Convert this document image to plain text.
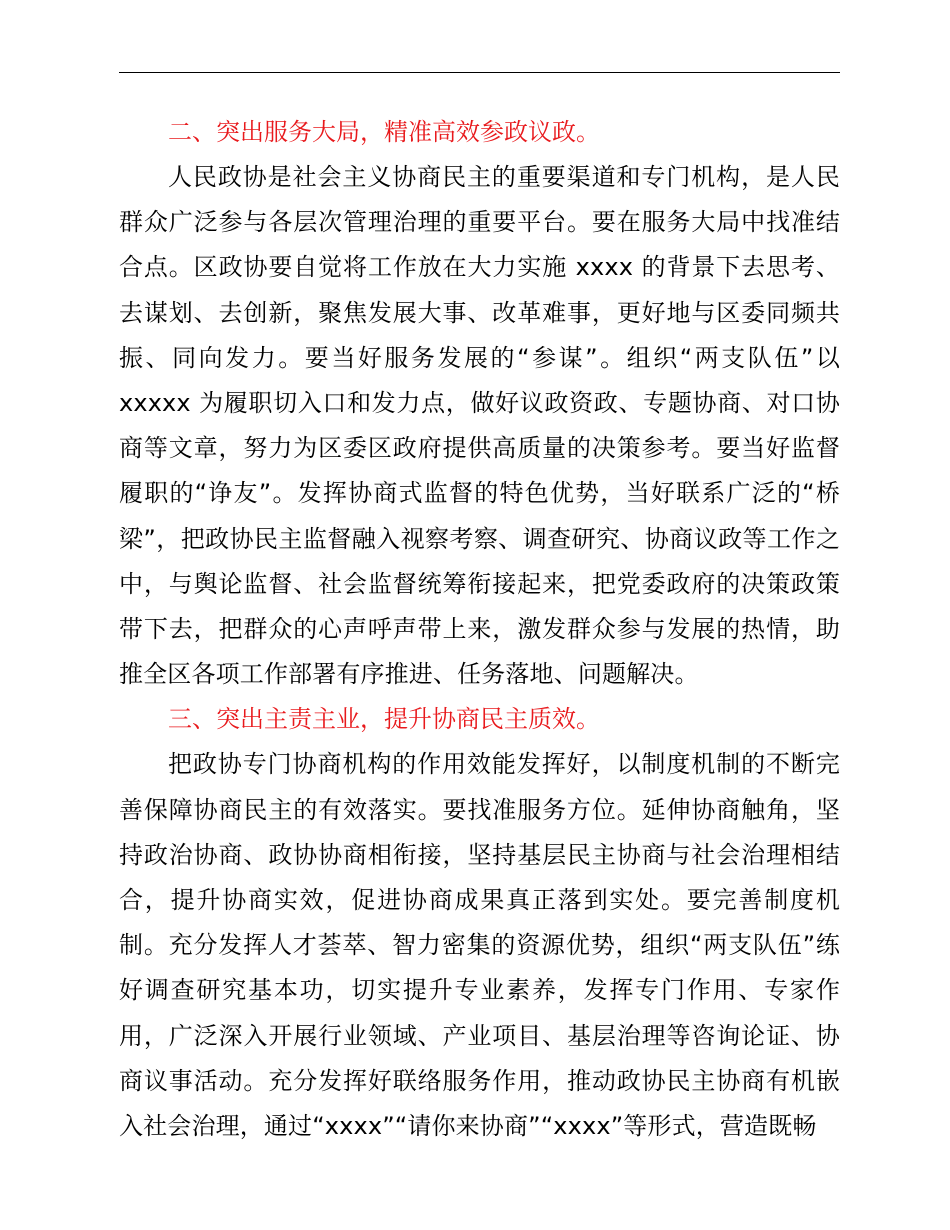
二、突出服务大局，精准高效参政议政。

人民政协是社会主义协商民主的重要渠道和专门机构，是人民群众广泛参与各层次管理治理的重要平台。要在服务大局中找准结合点。区政协要自觉将工作放在大力实施 xxxx 的背景下去思考、去谋划、去创新，聚焦发展大事、改革难事，更好地与区委同频共振、同向发力。要当好服务发展的“参谋”。组织“两支队伍”以 xxxxx 为履职切入口和发力点，做好议政资政、专题协商、对口协商等文章，努力为区委区政府提供高质量的决策参考。要当好监督履职的“诤友”。发挥协商式监督的特色优势，当好联系广泛的“桥梁”，把政协民主监督融入视察考察、调查研究、协商议政等工作之中，与舆论监督、社会监督统筹衔接起来，把党委政府的决策政策带下去，把群众的心声呼声带上来，激发群众参与发展的热情，助推全区各项工作部署有序推进、任务落地、问题解决。

三、突出主责主业，提升协商民主质效。

把政协专门协商机构的作用效能发挥好，以制度机制的不断完善保障协商民主的有效落实。要找准服务方位。延伸协商触角，坚持政治协商、政协协商相衔接，坚持基层民主协商与社会治理相结合，提升协商实效，促进协商成果真正落到实处。要完善制度机制。充分发挥人才荟萃、智力密集的资源优势，组织“两支队伍”练好调查研究基本功，切实提升专业素养，发挥专门作用、专家作用，广泛深入开展行业领域、产业项目、基层治理等咨询论证、协商议事活动。充分发挥好联络服务作用，推动政协民主协商有机嵌入社会治理，通过“xxxx”“请你来协商”“xxxx”等形式，营造既畅
